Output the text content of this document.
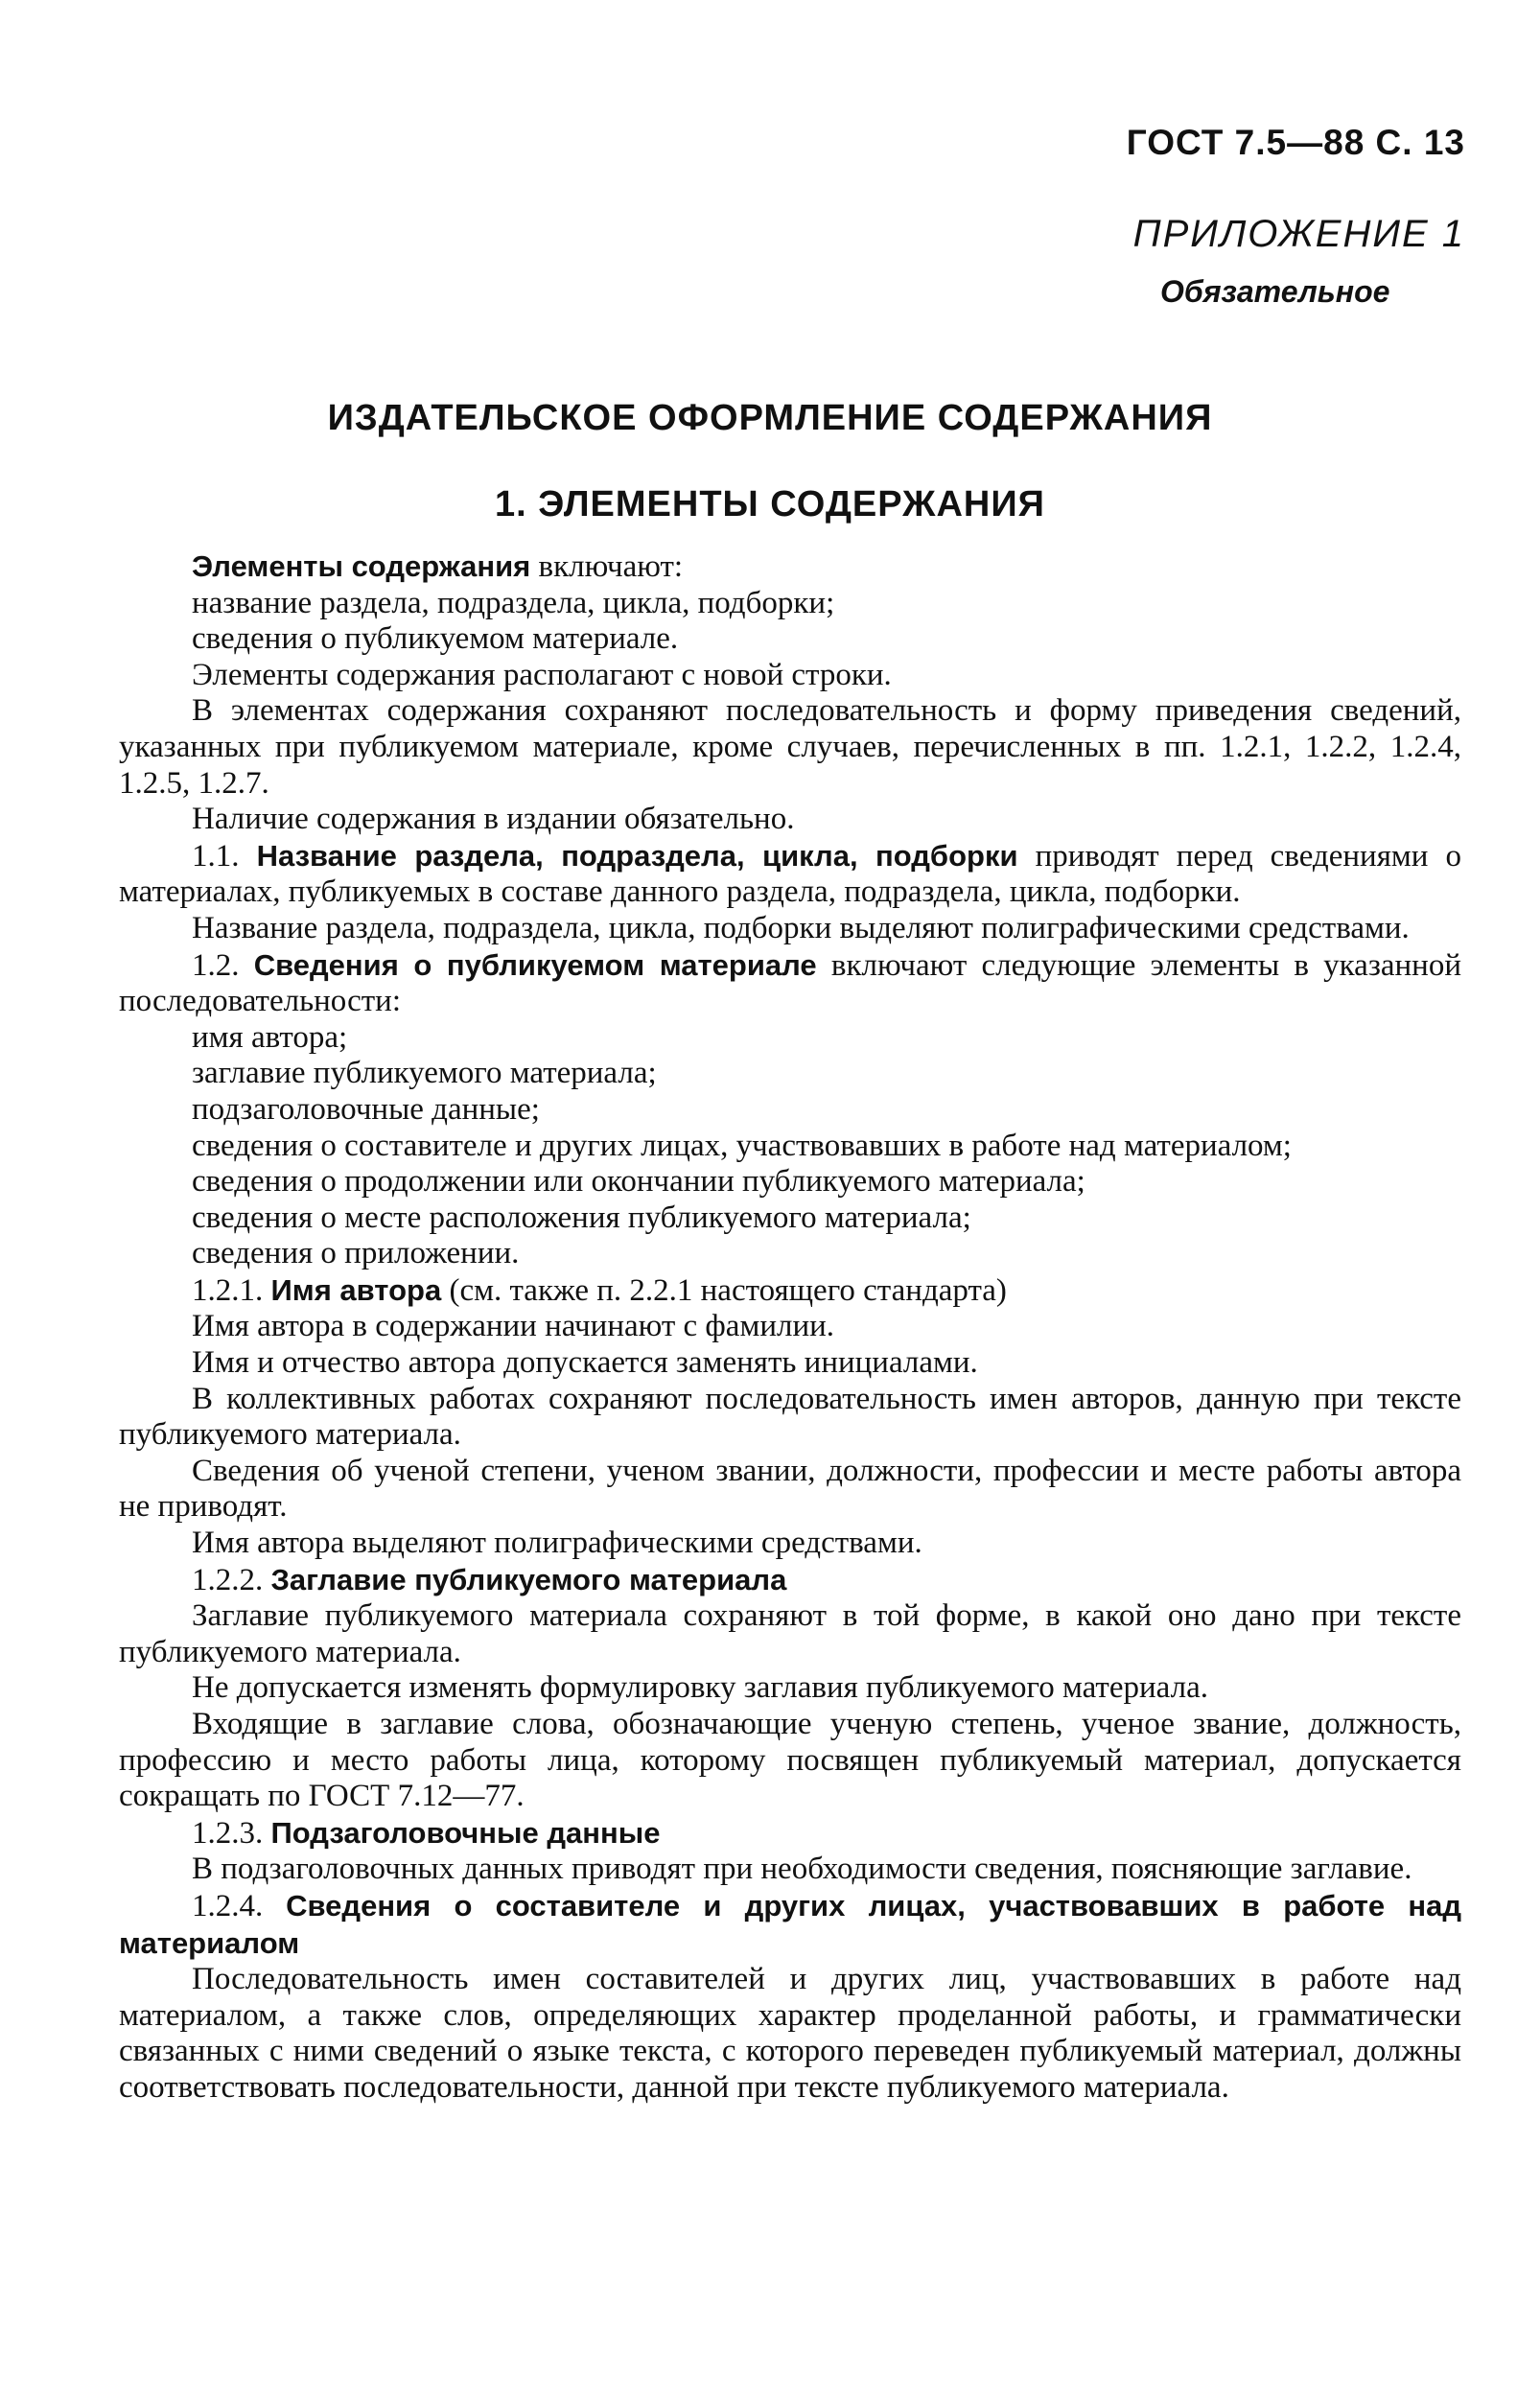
ГОСТ 7.5—88 С. 13
ПРИЛОЖЕНИЕ 1
Обязательное
ИЗДАТЕЛЬСКОЕ ОФОРМЛЕНИЕ СОДЕРЖАНИЯ
1. ЭЛЕМЕНТЫ СОДЕРЖАНИЯ

Элементы содержания включают:

название раздела, подраздела, цикла, подборки;

сведения о публикуемом материале.

Элементы содержания располагают с новой строки.

В элементах содержания сохраняют последовательность и форму приведения сведений, указанных при публикуемом материале, кроме случаев, перечисленных в пп. 1.2.1, 1.2.2, 1.2.4, 1.2.5, 1.2.7.

Наличие содержания в издании обязательно.

1.1. Название раздела, подраздела, цикла, подборки приводят перед сведениями о материалах, публикуемых в составе данного раздела, подраздела, цикла, подборки.

Название раздела, подраздела, цикла, подборки выделяют полиграфическими средствами.

1.2. Сведения о публикуемом материале включают следующие элементы в указанной последовательности:

имя автора;

заглавие публикуемого материала;

подзаголовочные данные;

сведения о составителе и других лицах, участвовавших в работе над материалом;

сведения о продолжении или окончании публикуемого материала;

сведения о месте расположения публикуемого материала;

сведения о приложении.

1.2.1. Имя автора (см. также п. 2.2.1 настоящего стандарта)

Имя автора в содержании начинают с фамилии.

Имя и отчество автора допускается заменять инициалами.

В коллективных работах сохраняют последовательность имен авторов, данную при тексте публикуемого материала.

Сведения об ученой степени, ученом звании, должности, профессии и месте работы автора не приводят.

Имя автора выделяют полиграфическими средствами.

1.2.2. Заглавие публикуемого материала

Заглавие публикуемого материала сохраняют в той форме, в какой оно дано при тексте публикуемого материала.

Не допускается изменять формулировку заглавия публикуемого материала.

Входящие в заглавие слова, обозначающие ученую степень, ученое звание, должность, профессию и место работы лица, которому посвящен публикуемый материал, допускается сокращать по ГОСТ 7.12—77.

1.2.3. Подзаголовочные данные

В подзаголовочных данных приводят при необходимости сведения, поясняющие заглавие.

1.2.4. Сведения о составителе и других лицах, участвовавших в работе над материалом

Последовательность имен составителей и других лиц, участвовавших в работе над материалом, а также слов, определяющих характер проделанной работы, и грамматически связанных с ними сведений о языке текста, с которого переведен публикуемый материал, должны соответствовать последовательности, данной при тексте публикуемого материала.
